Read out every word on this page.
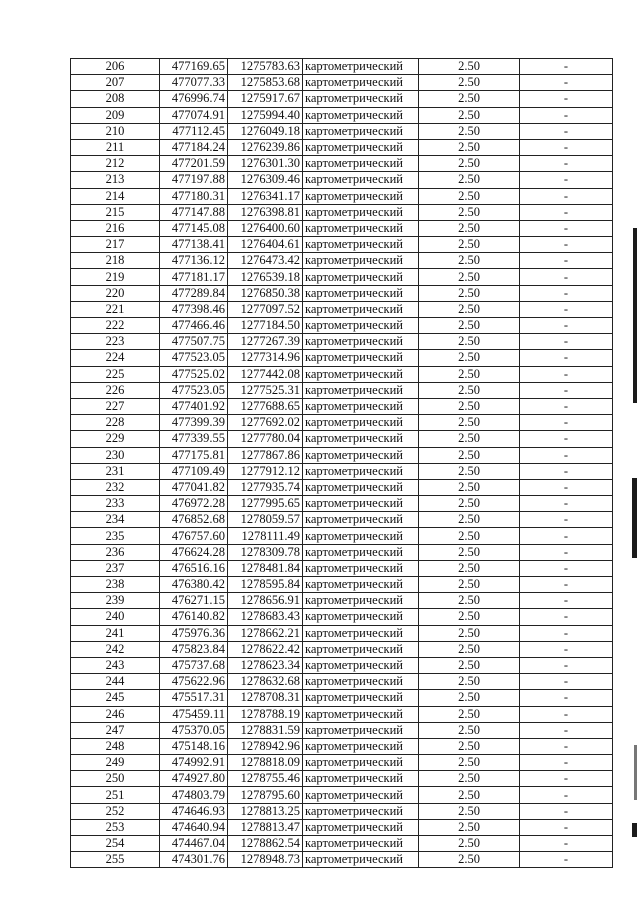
206	477169.65	1275783.63	картометрический	2.50	-
207	477077.33	1275853.68	картометрический	2.50	-
208	476996.74	1275917.67	картометрический	2.50	-
209	477074.91	1275994.40	картометрический	2.50	-
210	477112.45	1276049.18	картометрический	2.50	-
211	477184.24	1276239.86	картометрический	2.50	-
212	477201.59	1276301.30	картометрический	2.50	-
213	477197.88	1276309.46	картометрический	2.50	-
214	477180.31	1276341.17	картометрический	2.50	-
215	477147.88	1276398.81	картометрический	2.50	-
216	477145.08	1276400.60	картометрический	2.50	-
217	477138.41	1276404.61	картометрический	2.50	-
218	477136.12	1276473.42	картометрический	2.50	-
219	477181.17	1276539.18	картометрический	2.50	-
220	477289.84	1276850.38	картометрический	2.50	-
221	477398.46	1277097.52	картометрический	2.50	-
222	477466.46	1277184.50	картометрический	2.50	-
223	477507.75	1277267.39	картометрический	2.50	-
224	477523.05	1277314.96	картометрический	2.50	-
225	477525.02	1277442.08	картометрический	2.50	-
226	477523.05	1277525.31	картометрический	2.50	-
227	477401.92	1277688.65	картометрический	2.50	-
228	477399.39	1277692.02	картометрический	2.50	-
229	477339.55	1277780.04	картометрический	2.50	-
230	477175.81	1277867.86	картометрический	2.50	-
231	477109.49	1277912.12	картометрический	2.50	-
232	477041.82	1277935.74	картометрический	2.50	-
233	476972.28	1277995.65	картометрический	2.50	-
234	476852.68	1278059.57	картометрический	2.50	-
235	476757.60	1278111.49	картометрический	2.50	-
236	476624.28	1278309.78	картометрический	2.50	-
237	476516.16	1278481.84	картометрический	2.50	-
238	476380.42	1278595.84	картометрический	2.50	-
239	476271.15	1278656.91	картометрический	2.50	-
240	476140.82	1278683.43	картометрический	2.50	-
241	475976.36	1278662.21	картометрический	2.50	-
242	475823.84	1278622.42	картометрический	2.50	-
243	475737.68	1278623.34	картометрический	2.50	-
244	475622.96	1278632.68	картометрический	2.50	-
245	475517.31	1278708.31	картометрический	2.50	-
246	475459.11	1278788.19	картометрический	2.50	-
247	475370.05	1278831.59	картометрический	2.50	-
248	475148.16	1278942.96	картометрический	2.50	-
249	474992.91	1278818.09	картометрический	2.50	-
250	474927.80	1278755.46	картометрический	2.50	-
251	474803.79	1278795.60	картометрический	2.50	-
252	474646.93	1278813.25	картометрический	2.50	-
253	474640.94	1278813.47	картометрический	2.50	-
254	474467.04	1278862.54	картометрический	2.50	-
255	474301.76	1278948.73	картометрический	2.50	-
